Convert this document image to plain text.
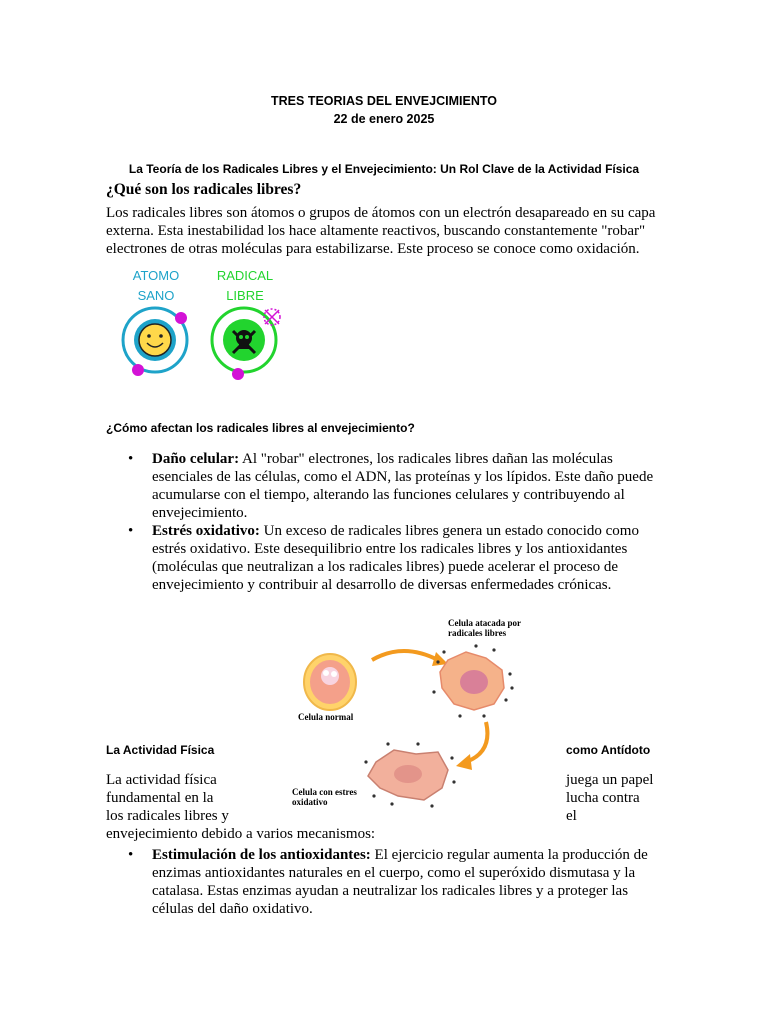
TRES TEORIAS DEL ENVEJCIMIENTO
22 de enero 2025
La Teoría de los Radicales Libres y el Envejecimiento: Un Rol Clave de la Actividad Física
¿Qué son los radicales libres?
Los radicales libres son átomos o grupos de átomos con un electrón desapareado en su capa
externa. Esta inestabilidad los hace altamente reactivos, buscando constantemente "robar"
electrones de otras moléculas para estabilizarse. Este proceso se conoce como oxidación.
ATOMO
SANO
RADICAL
LIBRE
¿Cómo afectan los radicales libres al envejecimiento?
• Daño celular: Al "robar" electrones, los radicales libres dañan las moléculas
esenciales de las células, como el ADN, las proteínas y los lípidos. Este daño puede
acumularse con el tiempo, alterando las funciones celulares y contribuyendo al
envejecimiento.
• Estrés oxidativo: Un exceso de radicales libres genera un estado conocido como
estrés oxidativo. Este desequilibrio entre los radicales libres y los antioxidantes
(moléculas que neutralizan a los radicales libres) puede acelerar el proceso de
envejecimiento y contribuir al desarrollo de diversas enfermedades crónicas.
Celula normal
Celula atacada por
radicales libres
Celula con estres
oxidativo
La Actividad Física	como Antídoto
La actividad física
fundamental en la
los radicales libres y
juega un papel
lucha contra
el
envejecimiento debido a varios mecanismos:
• Estimulación de los antioxidantes: El ejercicio regular aumenta la producción de
enzimas antioxidantes naturales en el cuerpo, como el superóxido dismutasa y la
catalasa. Estas enzimas ayudan a neutralizar los radicales libres y a proteger las
células del daño oxidativo.
